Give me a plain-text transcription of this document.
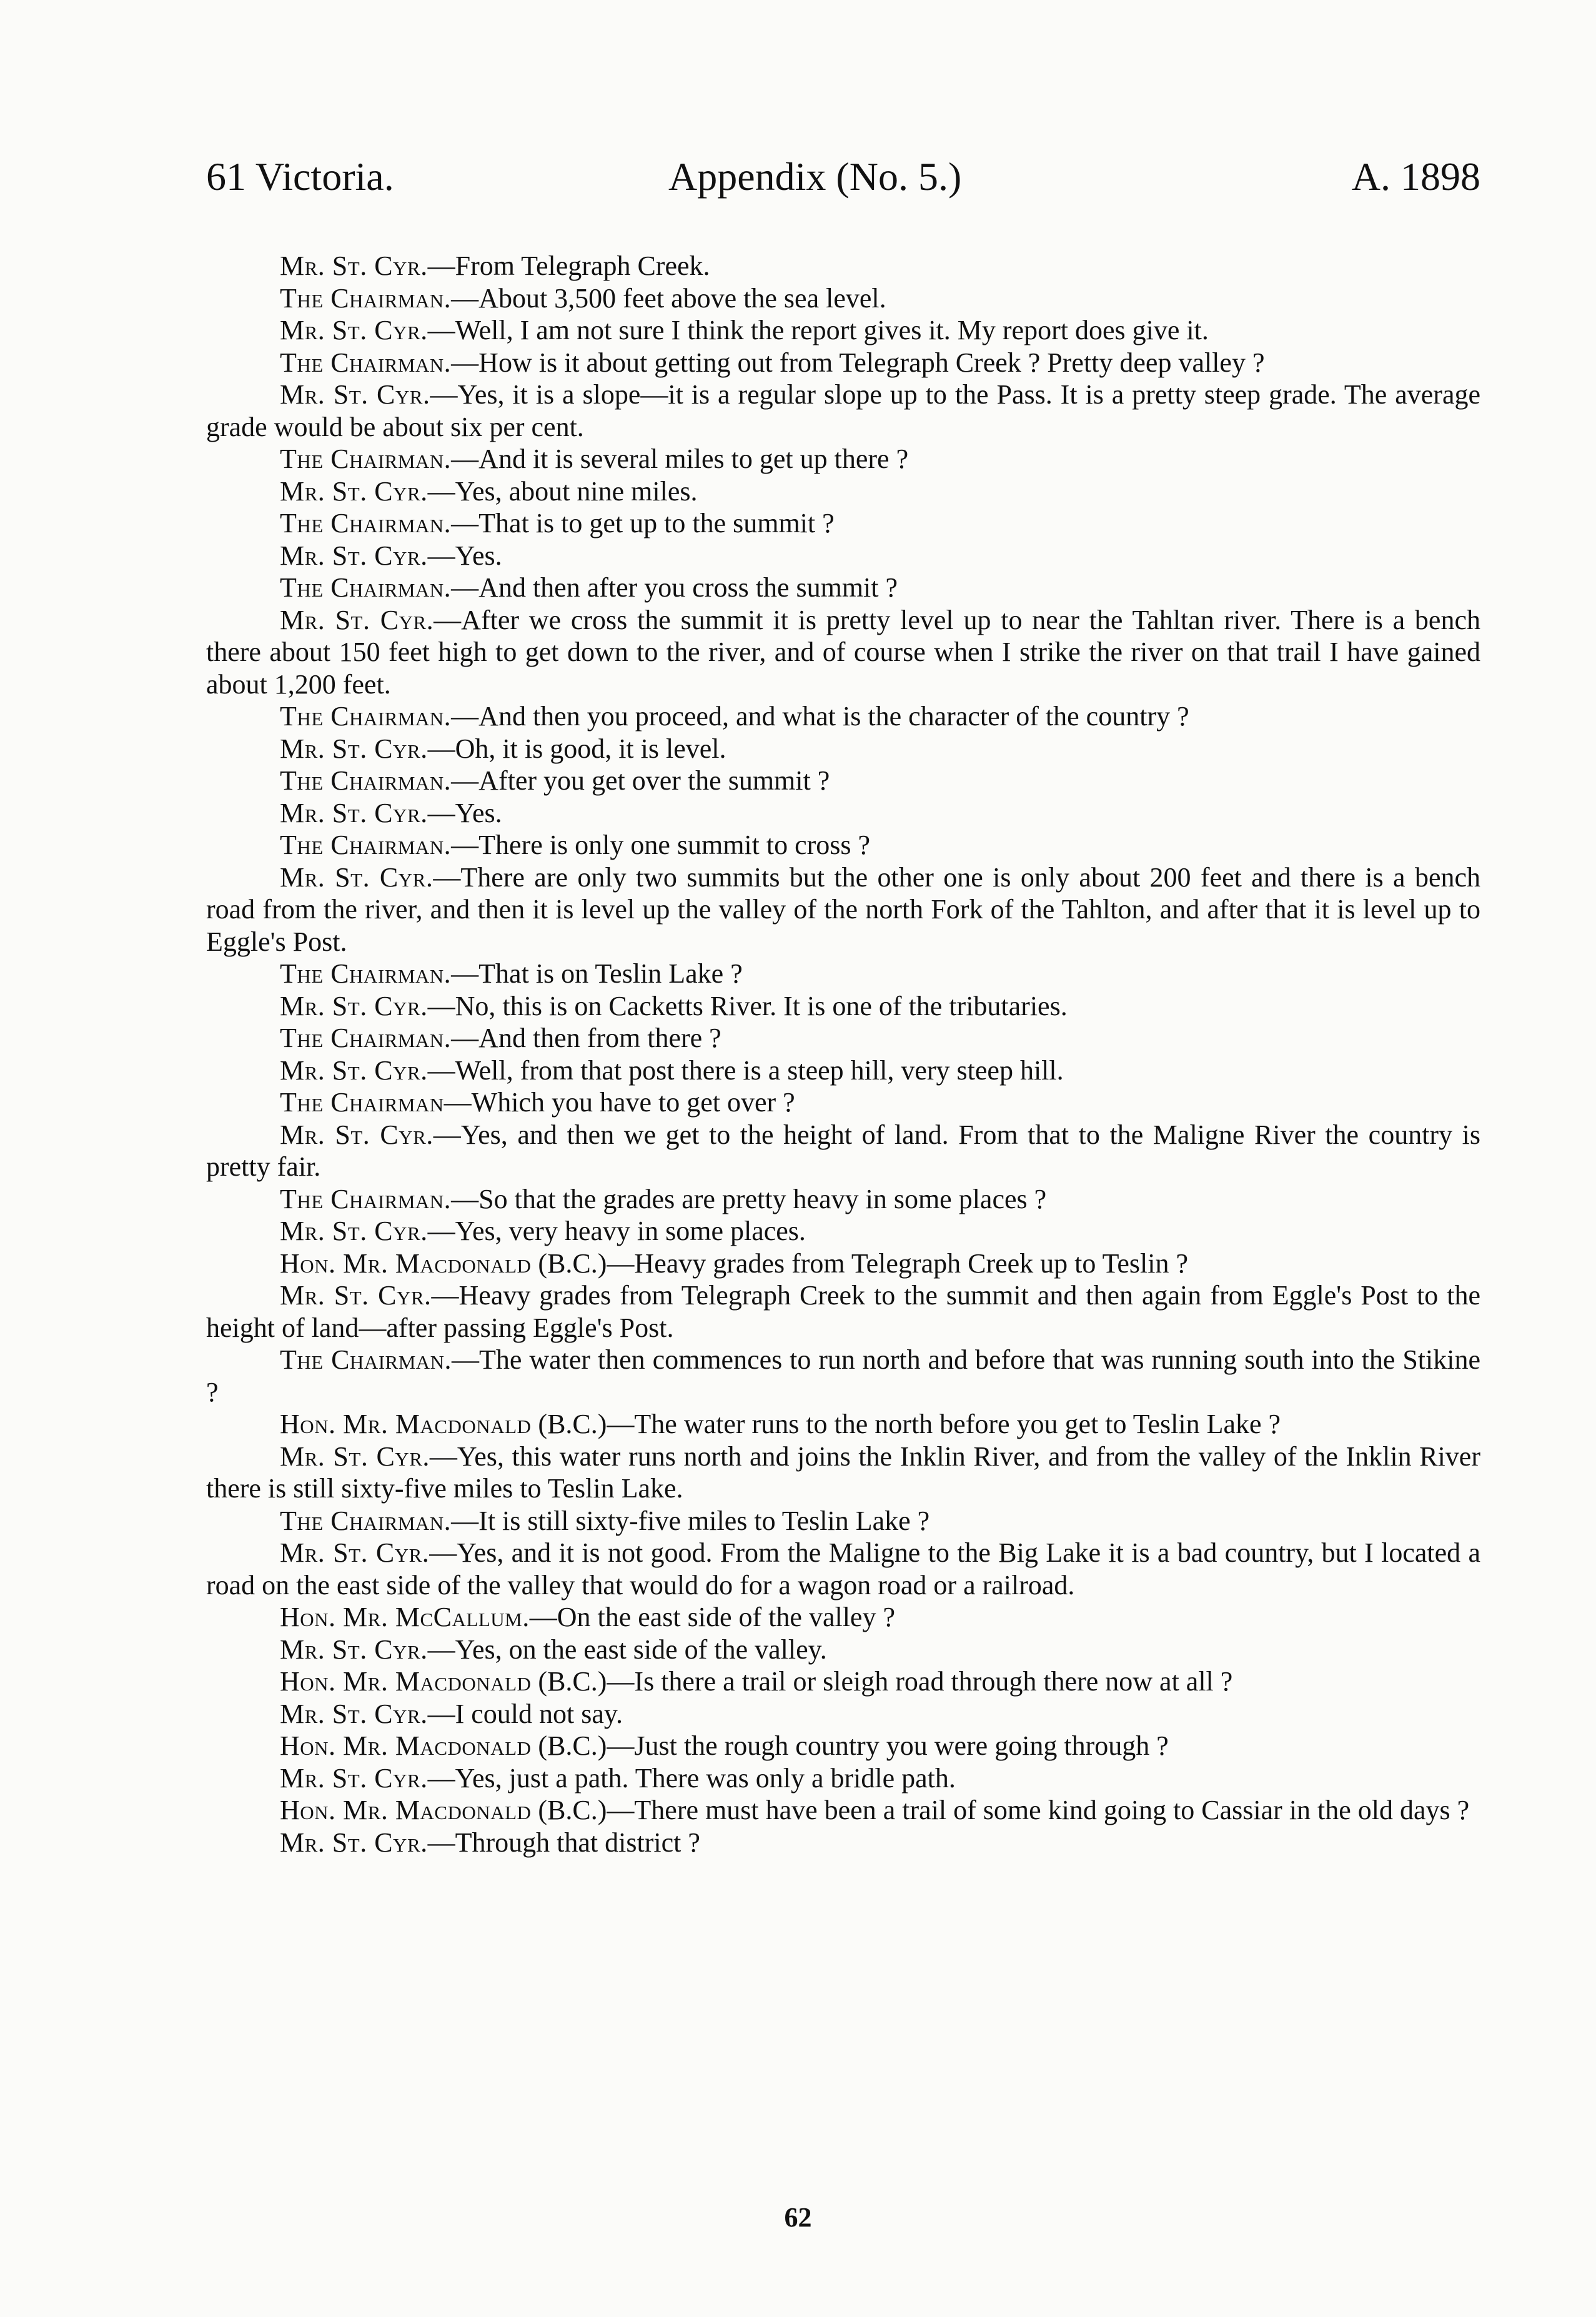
61 Victoria.	Appendix (No. 5.)	A. 1898

Mr. St. Cyr.—From Telegraph Creek.

The Chairman.—About 3,500 feet above the sea level.

Mr. St. Cyr.—Well, I am not sure I think the report gives it. My report does give it.

The Chairman.—How is it about getting out from Telegraph Creek ? Pretty deep valley ?

Mr. St. Cyr.—Yes, it is a slope—it is a regular slope up to the Pass. It is a pretty steep grade. The average grade would be about six per cent.

The Chairman.—And it is several miles to get up there ?

Mr. St. Cyr.—Yes, about nine miles.

The Chairman.—That is to get up to the summit ?

Mr. St. Cyr.—Yes.

The Chairman.—And then after you cross the summit ?

Mr. St. Cyr.—After we cross the summit it is pretty level up to near the Tahltan river. There is a bench there about 150 feet high to get down to the river, and of course when I strike the river on that trail I have gained about 1,200 feet.

The Chairman.—And then you proceed, and what is the character of the country ?

Mr. St. Cyr.—Oh, it is good, it is level.

The Chairman.—After you get over the summit ?

Mr. St. Cyr.—Yes.

The Chairman.—There is only one summit to cross ?

Mr. St. Cyr.—There are only two summits but the other one is only about 200 feet and there is a bench road from the river, and then it is level up the valley of the north Fork of the Tahlton, and after that it is level up to Eggle's Post.

The Chairman.—That is on Teslin Lake ?

Mr. St. Cyr.—No, this is on Cacketts River. It is one of the tributaries.

The Chairman.—And then from there ?

Mr. St. Cyr.—Well, from that post there is a steep hill, very steep hill.

The Chairman—Which you have to get over ?

Mr. St. Cyr.—Yes, and then we get to the height of land. From that to the Maligne River the country is pretty fair.

The Chairman.—So that the grades are pretty heavy in some places ?

Mr. St. Cyr.—Yes, very heavy in some places.

Hon. Mr. Macdonald (B.C.)—Heavy grades from Telegraph Creek up to Teslin ?

Mr. St. Cyr.—Heavy grades from Telegraph Creek to the summit and then again from Eggle's Post to the height of land—after passing Eggle's Post.

The Chairman.—The water then commences to run north and before that was running south into the Stikine ?

Hon. Mr. Macdonald (B.C.)—The water runs to the north before you get to Teslin Lake ?

Mr. St. Cyr.—Yes, this water runs north and joins the Inklin River, and from the valley of the Inklin River there is still sixty-five miles to Teslin Lake.

The Chairman.—It is still sixty-five miles to Teslin Lake ?

Mr. St. Cyr.—Yes, and it is not good. From the Maligne to the Big Lake it is a bad country, but I located a road on the east side of the valley that would do for a wagon road or a railroad.

Hon. Mr. McCallum.—On the east side of the valley ?

Mr. St. Cyr.—Yes, on the east side of the valley.

Hon. Mr. Macdonald (B.C.)—Is there a trail or sleigh road through there now at all ?

Mr. St. Cyr.—I could not say.

Hon. Mr. Macdonald (B.C.)—Just the rough country you were going through ?

Mr. St. Cyr.—Yes, just a path. There was only a bridle path.

Hon. Mr. Macdonald (B.C.)—There must have been a trail of some kind going to Cassiar in the old days ?

Mr. St. Cyr.—Through that district ?

62
